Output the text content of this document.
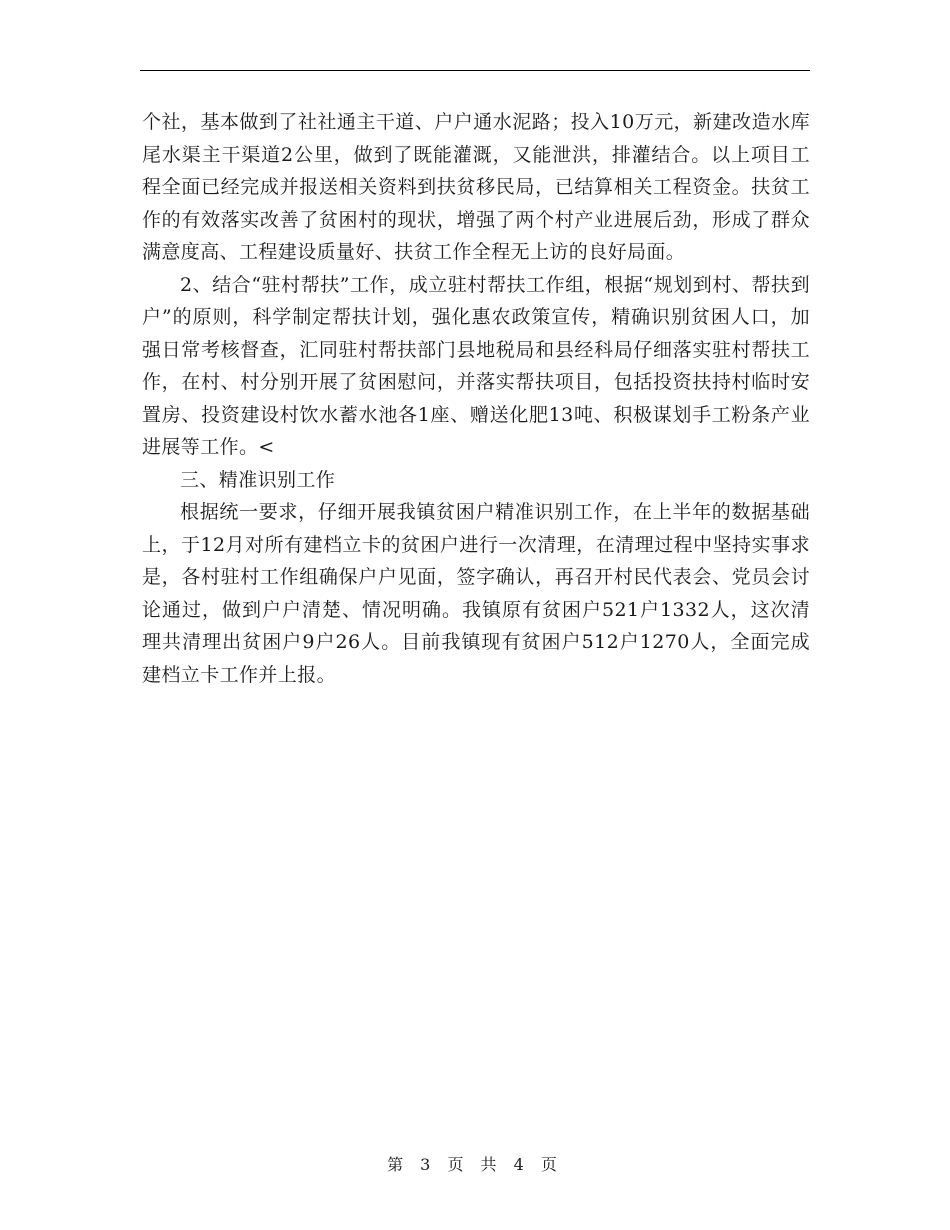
个社，基本做到了社社通主干道、户户通水泥路；投入10万元，新建改造水库尾水渠主干渠道2公里，做到了既能灌溉，又能泄洪，排灌结合。以上项目工程全面已经完成并报送相关资料到扶贫移民局，已结算相关工程资金。扶贫工作的有效落实改善了贫困村的现状，增强了两个村产业进展后劲，形成了群众满意度高、工程建设质量好、扶贫工作全程无上访的良好局面。

2、结合“驻村帮扶”工作，成立驻村帮扶工作组，根据“规划到村、帮扶到户”的原则，科学制定帮扶计划，强化惠农政策宣传，精确识别贫困人口，加强日常考核督查，汇同驻村帮扶部门县地税局和县经科局仔细落实驻村帮扶工作，在村、村分别开展了贫困慰问，并落实帮扶项目，包括投资扶持村临时安置房、投资建设村饮水蓄水池各1座、赠送化肥13吨、积极谋划手工粉条产业进展等工作。<

三、精准识别工作

根据统一要求，仔细开展我镇贫困户精准识别工作，在上半年的数据基础上，于12月对所有建档立卡的贫困户进行一次清理，在清理过程中坚持实事求是，各村驻村工作组确保户户见面，签字确认，再召开村民代表会、党员会讨论通过，做到户户清楚、情况明确。我镇原有贫困户521户1332人，这次清理共清理出贫困户9户26人。目前我镇现有贫困户512户1270人，全面完成建档立卡工作并上报。

第 3 页 共 4 页
